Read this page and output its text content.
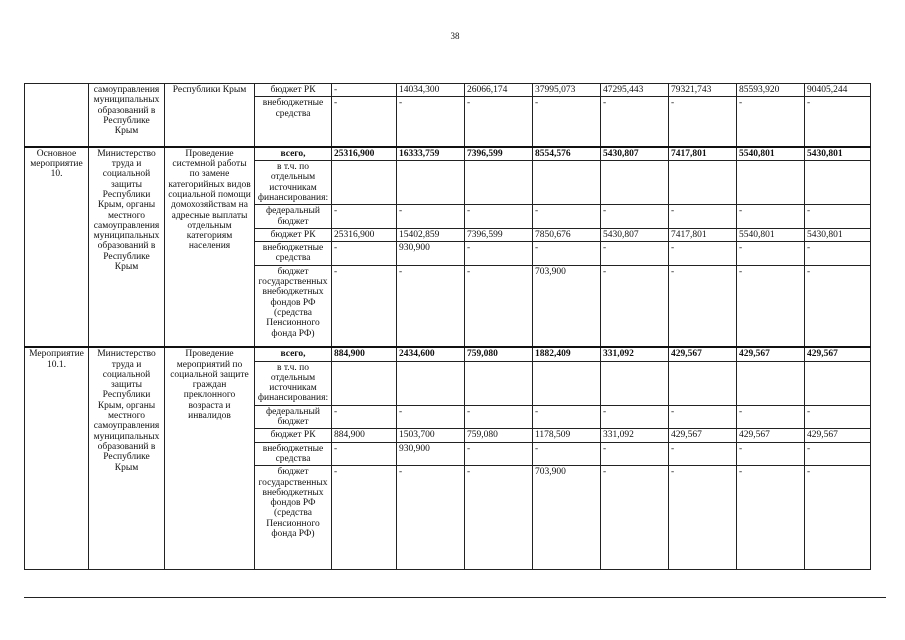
38
	самоуправления муниципальных образований в Республике Крым	Республики Крым	бюджет РК	-	14034,300	26066,174	37995,073	47295,443	79321,743	85593,920	90405,244
			внебюджетные средства	-	-	-	-	-	-	-	-
Основное мероприятие 10.	Министерство труда и социальной защиты Республики Крым, органы местного самоуправления муниципальных образований в Республике Крым	Проведение системной работы по замене категорийных видов социальной помощи домохозяйствам на адресные выплаты отдельным категориям населения	всего,	25316,900	16333,759	7396,599	8554,576	5430,807	7417,801	5540,801	5430,801
			в т.ч. по отдельным источникам финансирования:								
			федеральный бюджет	-	-	-	-	-	-	-	-
			бюджет РК	25316,900	15402,859	7396,599	7850,676	5430,807	7417,801	5540,801	5430,801
			внебюджетные средства	-	930,900	-	-	-	-	-	-
			бюджет государственных внебюджетных фондов РФ (средства Пенсионного фонда РФ)	-	-	-	703,900	-	-	-	-
Мероприятие 10.1.	Министерство труда и социальной защиты Республики Крым, органы местного самоуправления муниципальных образований в Республике Крым	Проведение мероприятий по социальной защите граждан преклонного возраста и инвалидов	всего,	884,900	2434,600	759,080	1882,409	331,092	429,567	429,567	429,567
			в т.ч. по отдельным источникам финансирования:								
			федеральный бюджет	-	-	-	-	-	-	-	-
			бюджет РК	884,900	1503,700	759,080	1178,509	331,092	429,567	429,567	429,567
			внебюджетные средства	-	930,900	-	-	-	-	-	-
			бюджет государственных внебюджетных фондов РФ (средства Пенсионного фонда РФ)	-	-	-	703,900	-	-	-	-
